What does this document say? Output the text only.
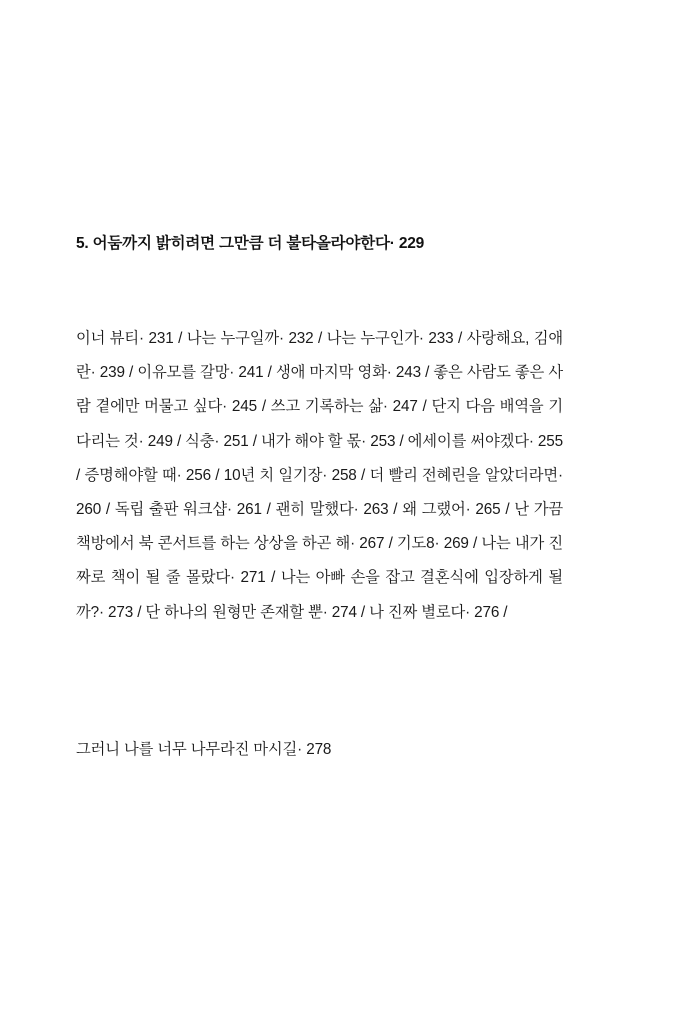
5. 어둠까지 밝히려면 그만큼 더 불타올라야한다· 229
이너 뷰티· 231 / 나는 누구일까· 232 / 나는 누구인가· 233 / 사랑해요, 김애란· 239 / 이유모를 갈망· 241 / 생애 마지막 영화· 243 / 좋은 사람도 좋은 사람 곁에만 머물고 싶다· 245 / 쓰고 기록하는 삶· 247 / 단지 다음 배역을 기다리는 것· 249 / 식충· 251 / 내가 해야 할 몫· 253 / 에세이를 써야겠다· 255 / 증명해야할 때· 256 / 10년 치 일기장· 258 / 더 빨리 전혜린을 알았더라면· 260 / 독립 출판 워크샵· 261 / 괜히 말했다· 263 / 왜 그랬어· 265 / 난 가끔 책방에서 북 콘서트를 하는 상상을 하곤 해· 267 / 기도8· 269 / 나는 내가 진짜로 책이 될 줄 몰랐다· 271 / 나는 아빠 손을 잡고 결혼식에 입장하게 될까?· 273 / 단 하나의 원형만 존재할 뿐· 274 / 나 진짜 별로다· 276 /
그러니 나를 너무 나무라진 마시길· 278
